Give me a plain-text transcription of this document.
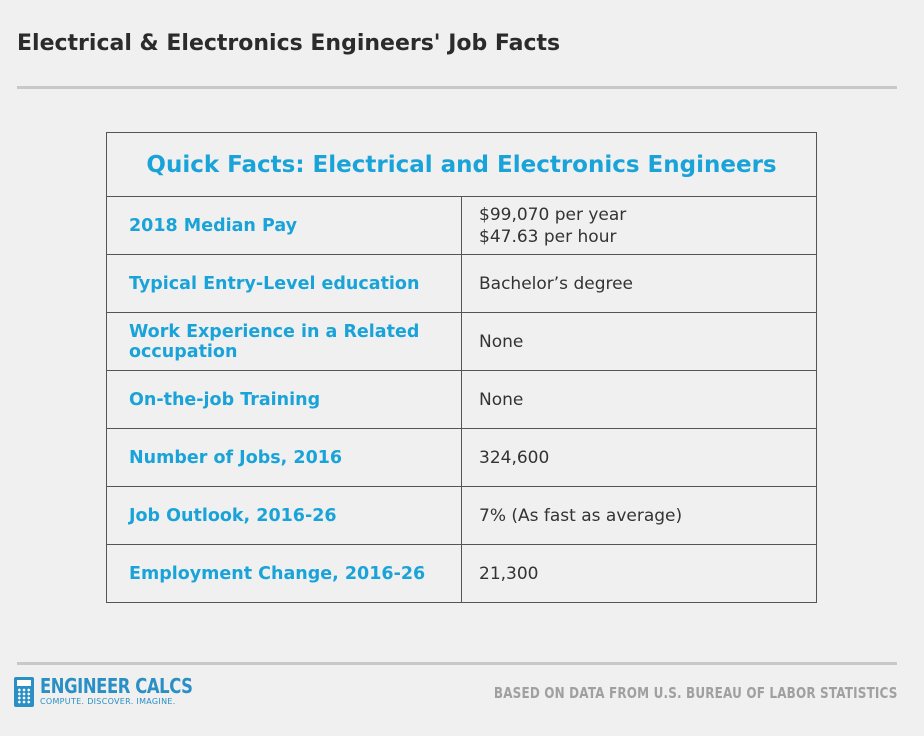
Electrical & Electronics Engineers' Job Facts
Quick Facts: Electrical and Electronics Engineers	
2018 Median Pay	$99,070 per year
$47.63 per hour

Typical Entry-Level education	Bachelor’s degree
Work Experience in a Related occupation	None
On-the-job Training	None
Number of Jobs, 2016	324,600
Job Outlook, 2016-26	7% (As fast as average)
Employment Change, 2016-26	21,300
ENGINEER CALCS
COMPUTE. DISCOVER. IMAGINE.	BASED ON DATA FROM U.S. BUREAU OF LABOR STATISTICS
